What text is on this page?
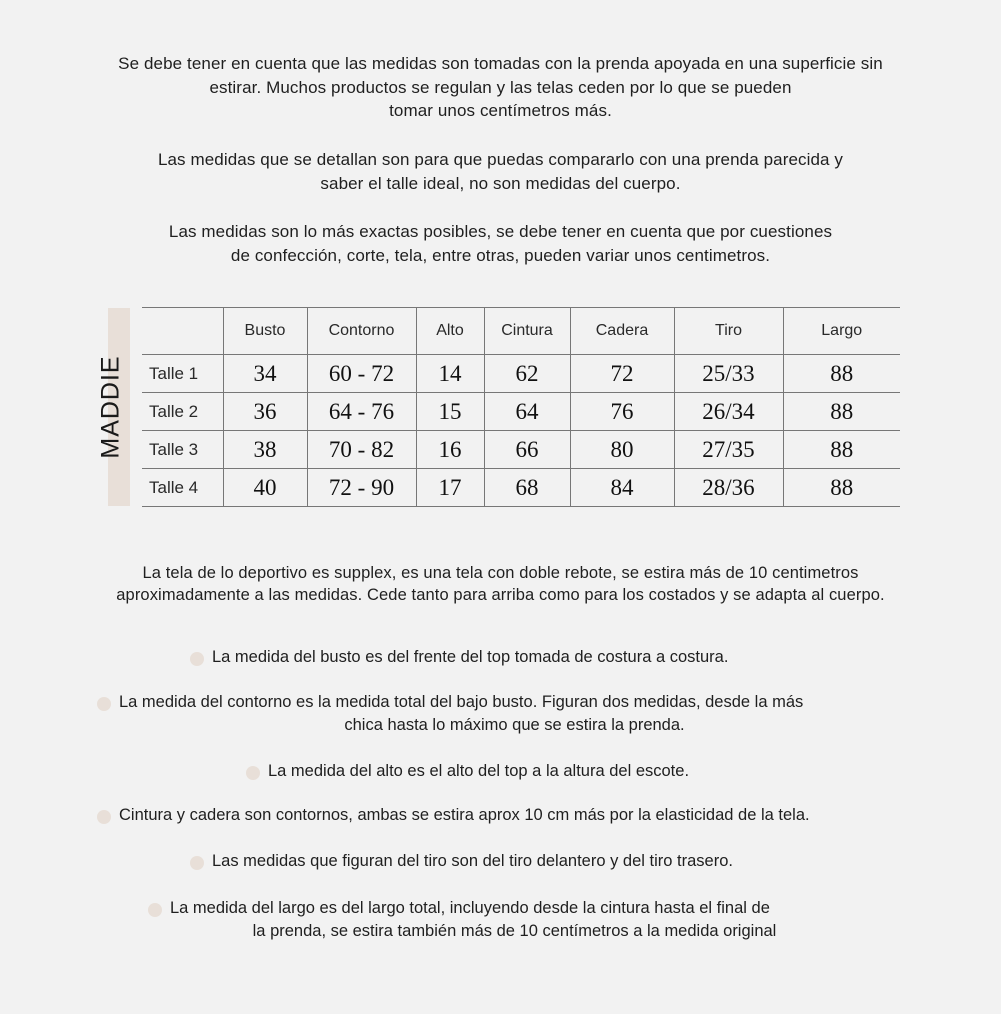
Se debe tener en cuenta que las medidas son tomadas con la prenda apoyada en una superficie sin
estirar. Muchos productos se regulan y las telas ceden por lo que se pueden
tomar unos centímetros más.
Las medidas que se detallan son para que puedas compararlo con una prenda parecida y
saber el talle ideal, no son medidas del cuerpo.
Las medidas son lo más exactas posibles, se debe tener en cuenta que por cuestiones
de confección, corte, tela, entre otras, pueden variar unos centimetros.
MADDIE
	Busto	Contorno	Alto	Cintura	Cadera	Tiro	Largo
Talle 1	34	60 - 72	14	62	72	25/33	88
Talle 2	36	64 - 76	15	64	76	26/34	88
Talle 3	38	70 - 82	16	66	80	27/35	88
Talle 4	40	72 - 90	17	68	84	28/36	88
La tela de lo deportivo es supplex, es una tela con doble rebote, se estira más de 10 centimetros
aproximadamente a las medidas. Cede tanto para arriba como para los costados y se adapta al cuerpo.
La medida del busto es del frente del top tomada de costura a costura.
La medida del contorno es la medida total del bajo busto. Figuran dos medidas, desde la más
chica hasta lo máximo que se estira la prenda.
La medida del alto es el alto del top a la altura del escote.
Cintura y cadera son contornos, ambas se estira aprox 10 cm más por la elasticidad de la tela.
Las medidas que figuran del tiro son del tiro delantero y del tiro trasero.
La medida del largo es del largo total, incluyendo desde la cintura hasta el final de
la prenda, se estira también más de 10 centímetros a la medida original
